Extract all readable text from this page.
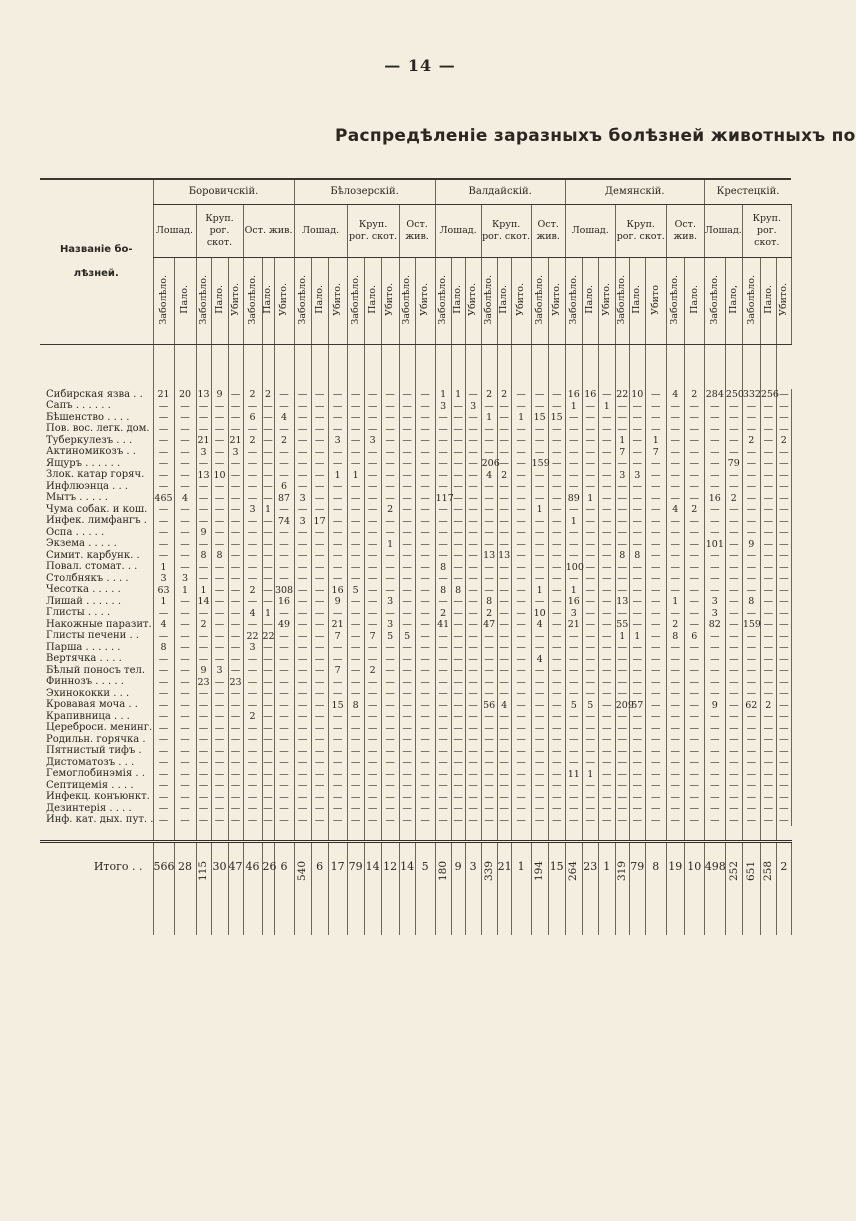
— 14 —
Распредѣленіе заразныхъ болѣзней животныхъ по
Названіе бо-
лѣзней.	Боровичскій.								Бѣлозерскій.								Валдайскій.								Демянскій.								Крестецкій.					
	Лошад.		Круп. рог. скот.			Ост. жив.			Лошад.			Круп. рог. скот.			Ост. жив.		Лошад.			Круп. рог. скот.			Ост. жив.		Лошад.			Круп. рог. скот.			Ост. жив.		Лошад.		Круп. рог. скот.	
	Заболѣло.	Пало.	Заболѣло.	Пало.	Убито.	Заболѣло.	Пало.	Убито.	Заболѣло.	Пало.	Убито.	Заболѣло.	Пало.	Убито.	Заболѣло.	Убито.	Заболѣло.	Пало.	Убито.	Заболѣло.	Пало.	Убито.	Заболѣло.	Убито.	Заболѣло.	Пало.	Убито.	Заболѣло.	Пало.	Убито	Заболѣло.	Пало.	Заболѣло.	Пало,	Заболѣло.	Пало.	Убито.		

Сибирская язва . .	21	20	13	9	—	2	2	—	—	—	—	—	—	—	—	—	1	1	—	2	2	—	—	—	16	16	—	22	10	—	4	2	284	250	332	256	—	
Сапъ . . . . . .	—	—	—	—	—	—	—	—	—	—	—	—	—	—	—	—	3	—	3	—	—	—	—	—	1	—	1	—	—	—	—	—	—	—	—	—	—	
Бѣшенство . . . .	—	—	—	—	—	6	—	4	—	—	—	—	—	—	—	—	—	—	—	1	—	1	15	15	—	—	—	—	—	—	—	—	—	—	—	—	—	
Пов. вос. легк. дом.	—	—	—	—	—	—	—	—	—	—	—	—	—	—	—	—	—	—	—	—	—	—	—	—	—	—	—	—	—	—	—	—	—	—	—	—	—	
Туберкулезъ . . .	—	—	21	—	21	2	—	2	—	—	3	—	3	—	—	—	—	—	—	—	—	—	—	—	—	—	—	1	—	1	—	—	—	—	2	—	2	
Актиномикозъ . .	—	—	3	—	3	—	—	—	—	—	—	—	—	—	—	—	—	—	—	—	—	—	—	—	—	—	—	7	—	7	—	—	—	—	—	—	—	
Ящуръ . . . . . .	—	—	—	—	—	—	—	—	—	—	—	—	—	—	—	—	—	—	—	206	—	—	159	—	—	—	—	—	—	—	—	—	—	79	—	—	—	
Злок. катар горяч.	—	—	13	10	—	—	—	—	—	—	1	1	—	—	—	—	—	—	—	4	2	—	—	—	—	—	—	3	3	—	—	—	—	—	—	—	—	
Инфлюэнца . . .	—	—	—	—	—	—	—	6	—	—	—	—	—	—	—	—	—	—	—	—	—	—	—	—	—	—	—	—	—	—	—	—	—	—	—	—	—	
Мытъ . . . . .	465	4	—	—	—	—	—	87	3	—	—	—	—	—	—	—	117	—	—	—	—	—	—	—	89	1	—	—	—	—	—	—	16	2	—	—	—	
Чума собак. и кош.	—	—	—	—	—	3	1	—	—	—	—	—	—	2	—	—	—	—	—	—	—	—	1	—	—	—	—	—	—	—	4	2	—	—	—	—	—	
Инфек. лимфангъ .	—	—	—	—	—	—	—	74	3	17	—	—	—	—	—	—	—	—	—	—	—	—	—	—	1	—	—	—	—	—	—	—	—	—	—	—	—	
Оспа . . . . .	—	—	9	—	—	—	—	—	—	—	—	—	—	—	—	—	—	—	—	—	—	—	—	—	—	—	—	—	—	—	—	—	—	—	—	—	—	
Экзема . . . . .	—	—	—	—	—	—	—	—	—	—	—	—	—	1	—	—	—	—	—	—	—	—	—	—	—	—	—	—	—	—	—	—	101	—	9	—	—	
Симит. карбунк. .	—	—	8	8	—	—	—	—	—	—	—	—	—	—	—	—	—	—	—	13	13	—	—	—	—	—	—	8	8	—	—	—	—	—	—	—	—	
Повал. стомат. . .	1	—	—	—	—	—	—	—	—	—	—	—	—	—	—	—	8	—	—	—	—	—	—	—	100	—	—	—	—	—	—	—	—	—	—	—	—	
Столбнякъ . . . .	3	3	—	—	—	—	—	—	—	—	—	—	—	—	—	—	—	—	—	—	—	—	—	—	—	—	—	—	—	—	—	—	—	—	—	—	—	
Чесотка . . . . .	63	1	1	—	—	2	—	308	—	—	16	5	—	—	—	—	8	8	—	—	—	—	1	—	1	—	—	—	—	—	—	—	—	—	—	—	—	
Лишай . . . . . .	1	—	14	—	—	—	—	16	—	—	9	—	—	3	—	—	—	—	—	8	—	—	—	—	16	—	—	13	—	—	1	—	3	—	8	—	—	
Глисты . . . .	—	—	—	—	—	4	1	—	—	—	—	—	—	—	—	—	2	—	—	2	—	—	10	—	3	—	—	—	—	—	—	—	3	—	—	—	—	
Накожные паразит.	4	—	2	—	—	—	—	49	—	—	21	—	—	3	—	—	41	—	—	47	—	—	4	—	21	—	—	55	—	—	2	—	82	—	159	—	—	
Глисты печени . .	—	—	—	—	—	22	22	—	—	—	7	—	7	5	5	—	—	—	—	—	—	—	—	—	—	—	—	1	1	—	8	6	—	—	—	—	—	
Парша . . . . . .	8	—	—	—	—	3	—	—	—	—	—	—	—	—	—	—	—	—	—	—	—	—	—	—	—	—	—	—	—	—	—	—	—	—	—	—	—	
Вертячка . . . .	—	—	—	—	—	—	—	—	—	—	—	—	—	—	—	—	—	—	—	—	—	—	4	—	—	—	—	—	—	—	—	—	—	—	—	—	—	
Бѣлый поносъ тел.	—	—	9	3	—	—	—	—	—	—	7	—	2	—	—	—	—	—	—	—	—	—	—	—	—	—	—	—	—	—	—	—	—	—	—	—	—	
Финнозъ . . . . .	—	—	23	—	23	—	—	—	—	—	—	—	—	—	—	—	—	—	—	—	—	—	—	—	—	—	—	—	—	—	—	—	—	—	—	—	—	
Эхинококки . . .	—	—	—	—	—	—	—	—	—	—	—	—	—	—	—	—	—	—	—	—	—	—	—	—	—	—	—	—	—	—	—	—	—	—	—	—	—	
Кровавая моча . .	—	—	—	—	—	—	—	—	—	—	15	8	—	—	—	—	—	—	—	56	4	—	—	—	5	5	—	209	57	—	—	—	9	—	62	2	—	
Крапивница . . .	—	—	—	—	—	2	—	—	—	—	—	—	—	—	—	—	—	—	—	—	—	—	—	—	—	—	—	—	—	—	—	—	—	—	—	—	—	
Цереброси. менинг.	—	—	—	—	—	—	—	—	—	—	—	—	—	—	—	—	—	—	—	—	—	—	—	—	—	—	—	—	—	—	—	—	—	—	—	—	—	
Родильн. горячка .	—	—	—	—	—	—	—	—	—	—	—	—	—	—	—	—	—	—	—	—	—	—	—	—	—	—	—	—	—	—	—	—	—	—	—	—	—	
Пятнистый тифъ .	—	—	—	—	—	—	—	—	—	—	—	—	—	—	—	—	—	—	—	—	—	—	—	—	—	—	—	—	—	—	—	—	—	—	—	—	—	
Дистоматозъ . . .	—	—	—	—	—	—	—	—	—	—	—	—	—	—	—	—	—	—	—	—	—	—	—	—	—	—	—	—	—	—	—	—	—	—	—	—	—	
Гемоглобинэмія . .	—	—	—	—	—	—	—	—	—	—	—	—	—	—	—	—	—	—	—	—	—	—	—	—	11	1	—	—	—	—	—	—	—	—	—	—	—	
Септицемія . . . .	—	—	—	—	—	—	—	—	—	—	—	—	—	—	—	—	—	—	—	—	—	—	—	—	—	—	—	—	—	—	—	—	—	—	—	—	—	
Инфекц. конъюнкт.	—	—	—	—	—	—	—	—	—	—	—	—	—	—	—	—	—	—	—	—	—	—	—	—	—	—	—	—	—	—	—	—	—	—	—	—	—	
Дезинтерія . . . .	—	—	—	—	—	—	—	—	—	—	—	—	—	—	—	—	—	—	—	—	—	—	—	—	—	—	—	—	—	—	—	—	—	—	—	—	—	
Инф. кат. дых. пут. .	—	—	—	—	—	—	—	—	—	—	—	—	—	—	—	—	—	—	—	—	—	—	—	—	—	—	—	—	—	—	—	—	—	—	—	—	—	

Итого . .	566	28	115	30	47	46	26	6	540	6	17	79	14	12	14	5	180	9	3	339	21	1	194	15	264	23	1	319	79	8	19	10	498	252	651	258	2	
